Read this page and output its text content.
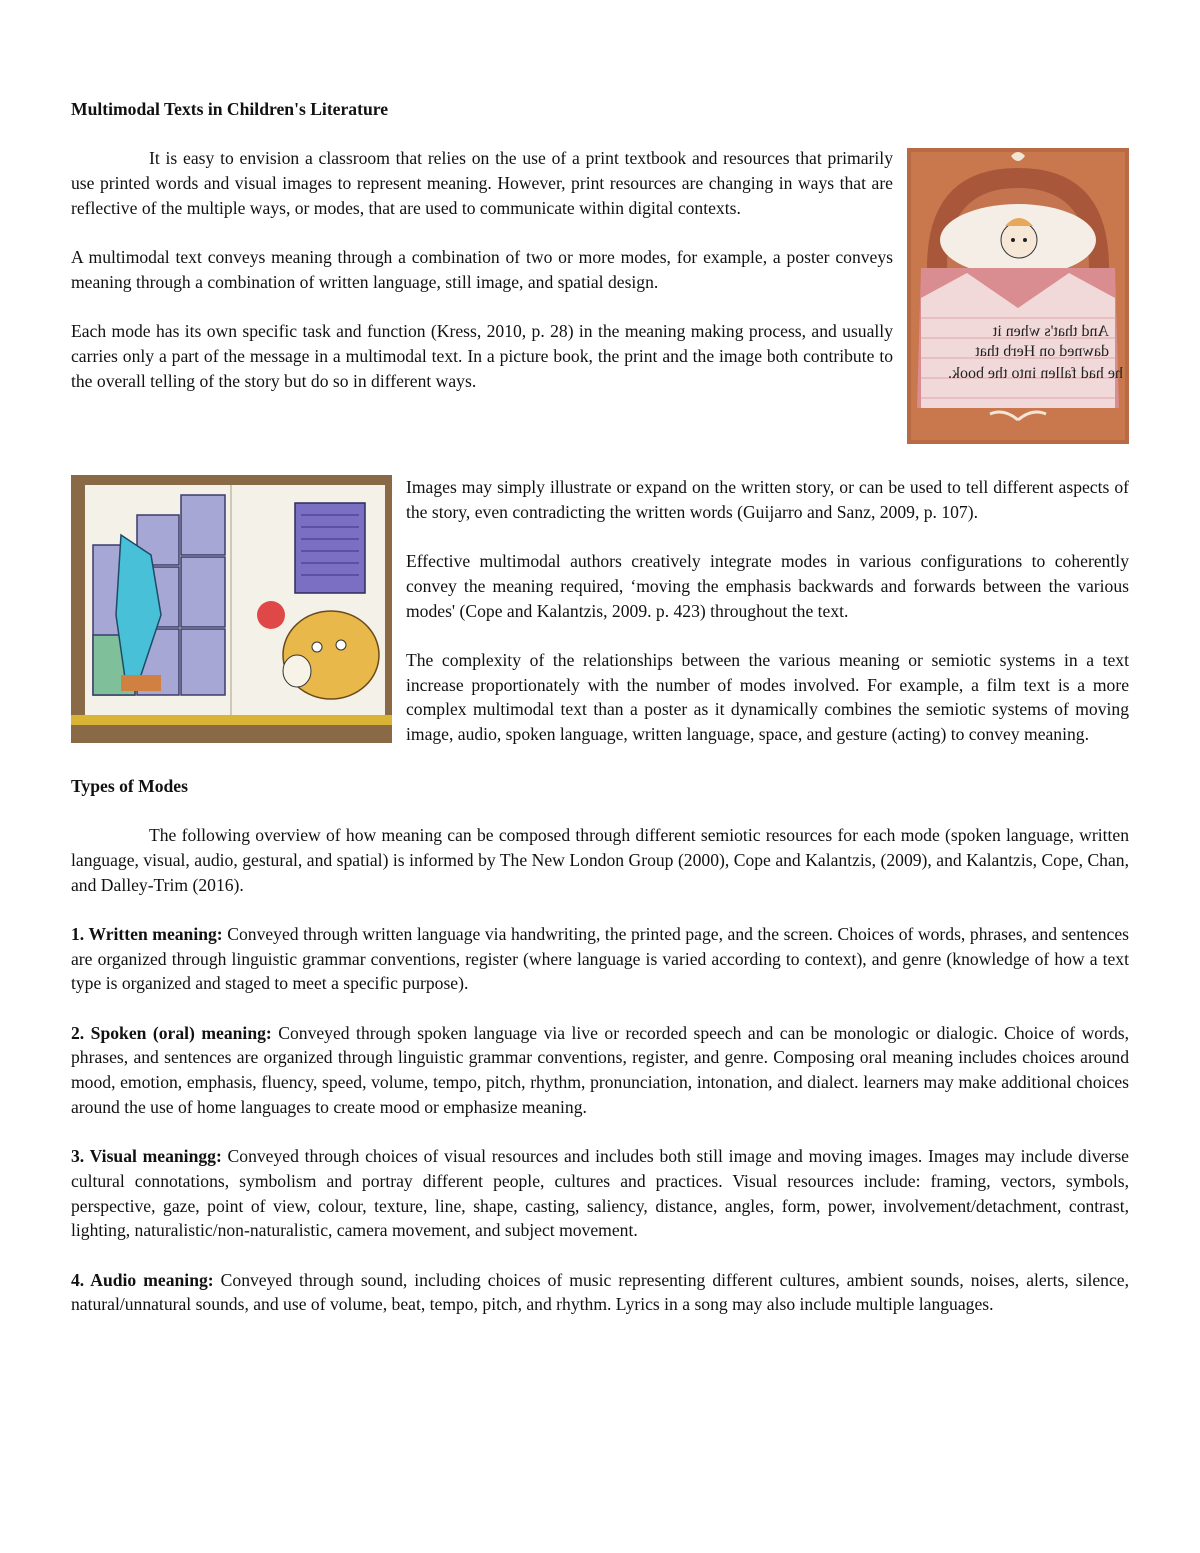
Multimodal Texts in Children's Literature

And that's when it
dawned on Herb that
he had fallen into the book.

It is easy to envision a classroom that relies on the use of a print textbook and resources that primarily use printed words and visual images to represent meaning. However, print resources are changing in ways that are reflective of the multiple ways, or modes, that are used to communicate within digital contexts.

A multimodal text conveys meaning through a combination of two or more modes, for example, a poster conveys meaning through a combination of written language, still image, and spatial design.

Each mode has its own specific task and function (Kress, 2010, p. 28) in the meaning making process, and usually carries only a part of the message in a multimodal text. In a picture book, the print and the image both contribute to the overall telling of the story but do so in different ways.

Images may simply illustrate or expand on the written story, or can be used to tell different aspects of the story, even contradicting the written words (Guijarro and Sanz, 2009, p. 107).

Effective multimodal authors creatively integrate modes in various configurations to coherently convey the meaning required, ‘moving the emphasis backwards and forwards between the various modes' (Cope and Kalantzis, 2009. p. 423) throughout the text.

The complexity of the relationships between the various meaning or semiotic systems in a text increase proportionately with the number of modes involved. For example, a film text is a more complex multimodal text than a poster as it dynamically combines the semiotic systems of moving image, audio, spoken language, written language, space, and gesture (acting) to convey meaning.

Types of Modes

The following overview of how meaning can be composed through different semiotic resources for each mode (spoken language, written language, visual, audio, gestural, and spatial) is informed by The New London Group (2000), Cope and Kalantzis, (2009), and Kalantzis, Cope, Chan, and Dalley-Trim (2016).

1. Written meaning: Conveyed through written language via handwriting, the printed page, and the screen. Choices of words, phrases, and sentences are organized through linguistic grammar conventions, register (where language is varied according to context), and genre (knowledge of how a text type is organized and staged to meet a specific purpose).

2. Spoken (oral) meaning: Conveyed through spoken language via live or recorded speech and can be monologic or dialogic. Choice of words, phrases, and sentences are organized through linguistic grammar conventions, register, and genre. Composing oral meaning includes choices around mood, emotion, emphasis, fluency, speed, volume, tempo, pitch, rhythm, pronunciation, intonation, and dialect. learners may make additional choices around the use of home languages to create mood or emphasize meaning.

3. Visual meaningg: Conveyed through choices of visual resources and includes both still image and moving images. Images may include diverse cultural connotations, symbolism and portray different people, cultures and practices. Visual resources include: framing, vectors, symbols, perspective, gaze, point of view, colour, texture, line, shape, casting, saliency, distance, angles, form, power, involvement/detachment, contrast, lighting, naturalistic/non-naturalistic, camera movement, and subject movement.

4. Audio meaning: Conveyed through sound, including choices of music representing different cultures, ambient sounds, noises, alerts, silence, natural/unnatural sounds, and use of volume, beat, tempo, pitch, and rhythm. Lyrics in a song may also include multiple languages.
